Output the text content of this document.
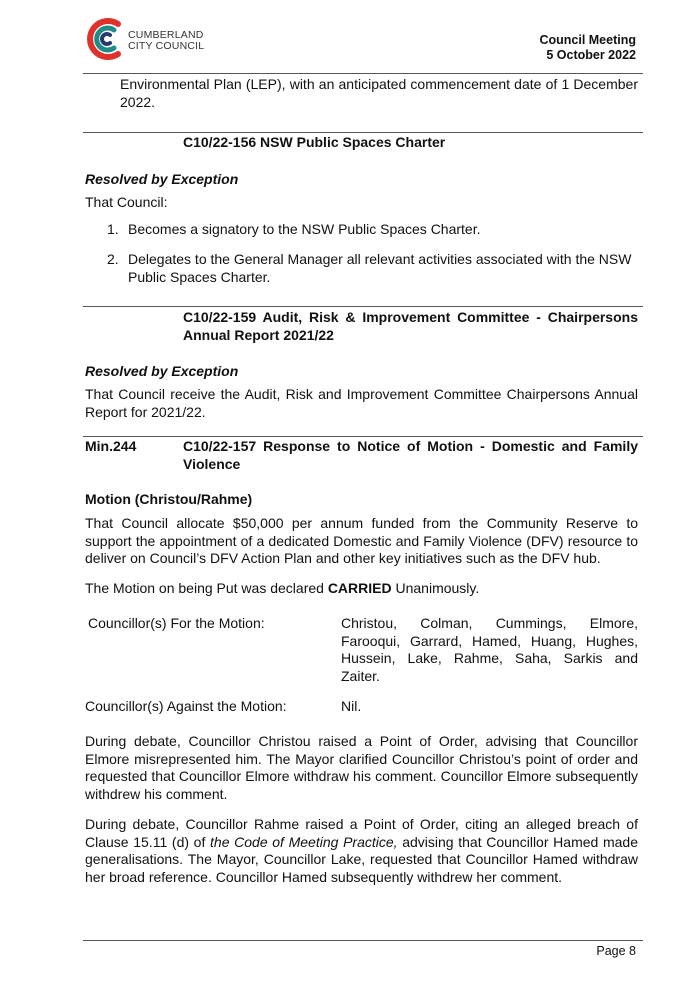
CUMBERLAND
CITY COUNCIL	Council Meeting
5 October 2022
Environmental Plan (LEP), with an anticipated commencement date of 1 December 2022.
C10/22-156 NSW Public Spaces Charter
Resolved by Exception
That Council:
1. Becomes a signatory to the NSW Public Spaces Charter.
2. Delegates to the General Manager all relevant activities associated with the NSW Public Spaces Charter.
C10/22-159 Audit, Risk & Improvement Committee - Chairpersons Annual Report 2021/22
Resolved by Exception
That Council receive the Audit, Risk and Improvement Committee Chairpersons Annual Report for 2021/22.
Min.244	C10/22-157 Response to Notice of Motion - Domestic and Family Violence
Motion (Christou/Rahme)
That Council allocate $50,000 per annum funded from the Community Reserve to support the appointment of a dedicated Domestic and Family Violence (DFV) resource to deliver on Council’s DFV Action Plan and other key initiatives such as the DFV hub.
The Motion on being Put was declared CARRIED Unanimously.
Councillor(s) For the Motion:	Christou, Colman, Cummings, Elmore, Farooqui, Garrard, Hamed, Huang, Hughes, Hussein, Lake, Rahme, Saha, Sarkis and Zaiter.
Councillor(s) Against the Motion:	Nil.
During debate, Councillor Christou raised a Point of Order, advising that Councillor Elmore misrepresented him. The Mayor clarified Councillor Christou’s point of order and requested that Councillor Elmore withdraw his comment. Councillor Elmore subsequently withdrew his comment.
During debate, Councillor Rahme raised a Point of Order, citing an alleged breach of Clause 15.11 (d) of the Code of Meeting Practice, advising that Councillor Hamed made generalisations. The Mayor, Councillor Lake, requested that Councillor Hamed withdraw her broad reference. Councillor Hamed subsequently withdrew her comment.
Page 8
